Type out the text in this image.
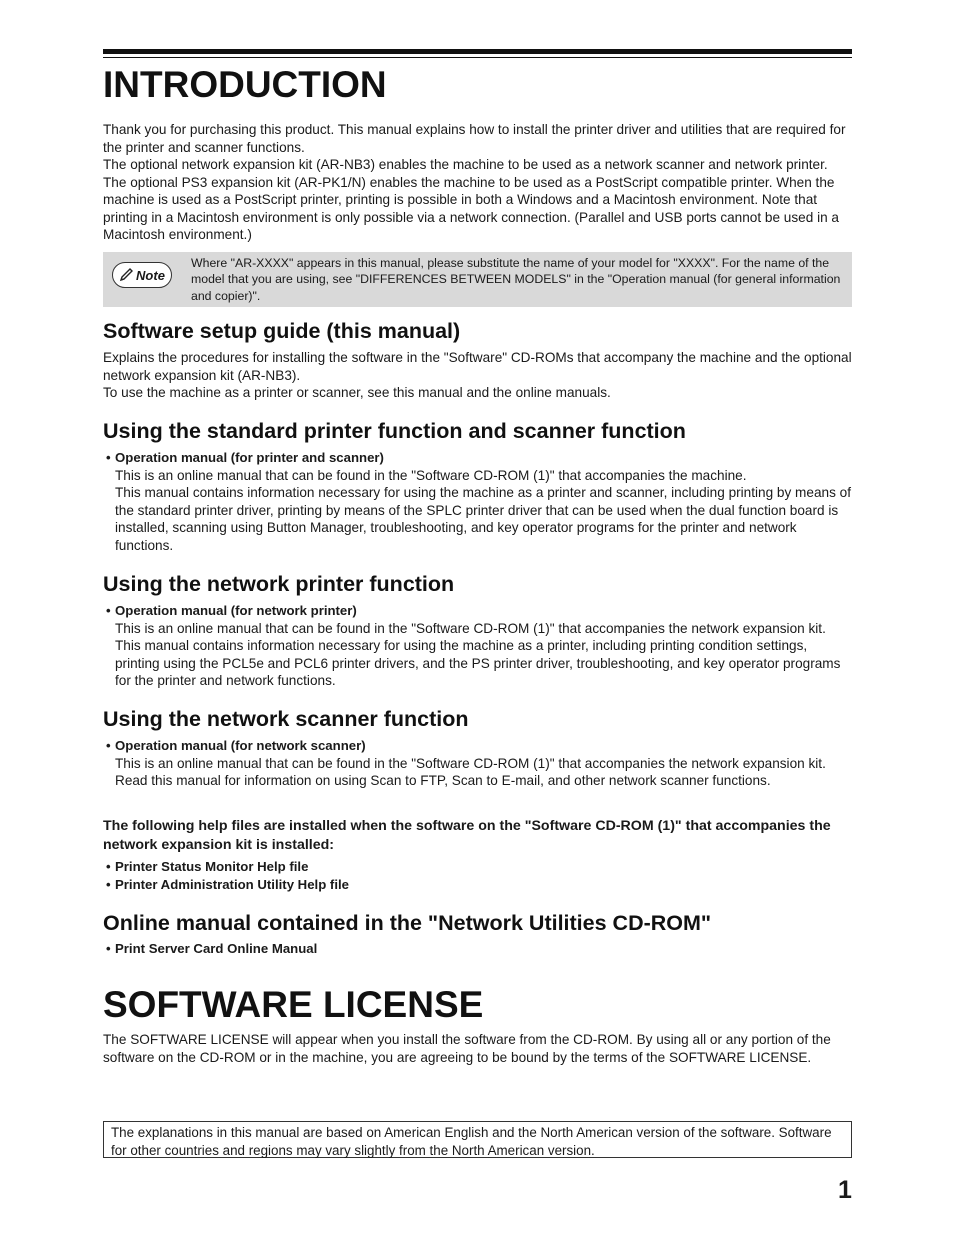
INTRODUCTION

Thank you for purchasing this product. This manual explains how to install the printer driver and utilities that are required for the printer and scanner functions.

The optional network expansion kit (AR-NB3) enables the machine to be used as a network scanner and network printer. The optional PS3 expansion kit (AR-PK1/N) enables the machine to be used as a PostScript compatible printer. When the machine is used as a PostScript printer, printing is possible in both a Windows and a Macintosh environment. Note that printing in a Macintosh environment is only possible via a network connection. (Parallel and USB ports cannot be used in a Macintosh environment.)

Note
Where "AR-XXXX" appears in this manual, please substitute the name of your model for "XXXX". For the name of the model that you are using, see "DIFFERENCES BETWEEN MODELS" in the "Operation manual (for general information and copier)".
Software setup guide (this manual)

Explains the procedures for installing the software in the "Software" CD-ROMs that accompany the machine and the optional network expansion kit (AR-NB3).

To use the machine as a printer or scanner, see this manual and the online manuals.

Using the standard printer function and scanner function
• Operation manual (for printer and scanner)

This is an online manual that can be found in the "Software CD-ROM (1)" that accompanies the machine.

This manual contains information necessary for using the machine as a printer and scanner, including printing by means of the standard printer driver, printing by means of the SPLC printer driver that can be used when the dual function board is installed, scanning using Button Manager, troubleshooting, and key operator programs for the printer and network functions.

Using the network printer function
• Operation manual (for network printer)

This is an online manual that can be found in the "Software CD-ROM (1)" that accompanies the network expansion kit.

This manual contains information necessary for using the machine as a printer, including printing condition settings, printing using the PCL5e and PCL6 printer drivers, and the PS printer driver, troubleshooting, and key operator programs for the printer and network functions.

Using the network scanner function
• Operation manual (for network scanner)

This is an online manual that can be found in the "Software CD-ROM (1)" that accompanies the network expansion kit.

Read this manual for information on using Scan to FTP, Scan to E-mail, and other network scanner functions.

The following help files are installed when the software on the "Software CD-ROM (1)" that accompanies the network expansion kit is installed:

• Printer Status Monitor Help file
• Printer Administration Utility Help file
Online manual contained in the "Network Utilities CD-ROM"
• Print Server Card Online Manual
SOFTWARE LICENSE

The SOFTWARE LICENSE will appear when you install the software from the CD-ROM. By using all or any portion of the software on the CD-ROM or in the machine, you are agreeing to be bound by the terms of the SOFTWARE LICENSE.

The explanations in this manual are based on American English and the North American version of the software. Software for other countries and regions may vary slightly from the North American version.
1
